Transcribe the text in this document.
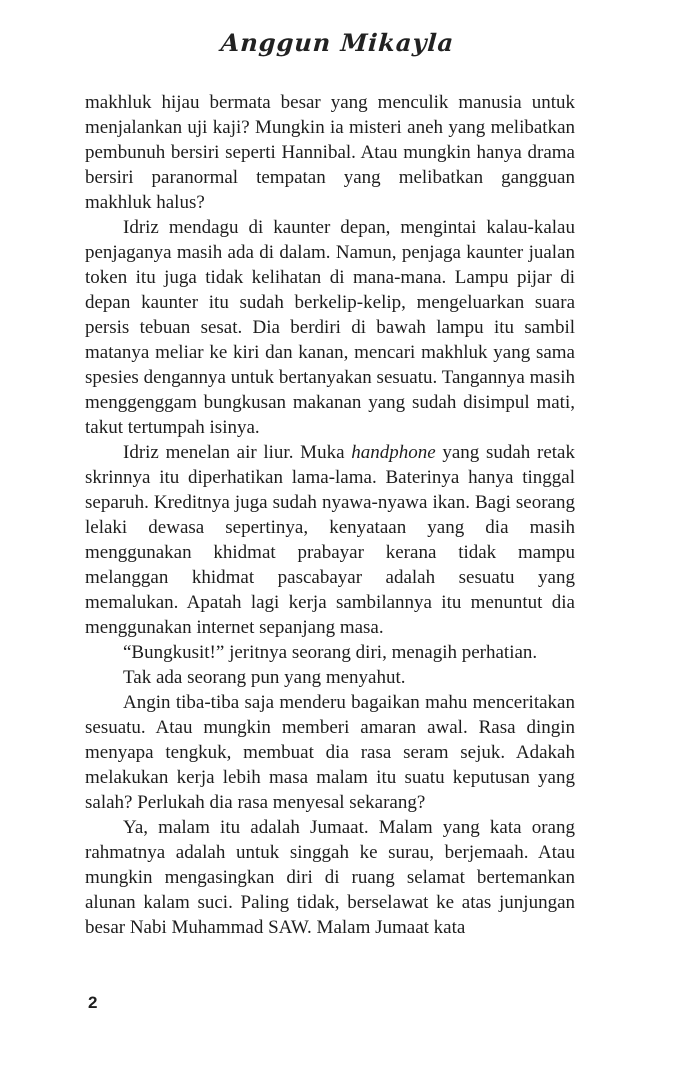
Anggun Mikayla

makhluk hijau bermata besar yang menculik manusia untuk menjalankan uji kaji? Mungkin ia misteri aneh yang melibatkan pembunuh bersiri seperti Hannibal. Atau mungkin hanya drama bersiri paranormal tempatan yang melibatkan gangguan makhluk halus?

Idriz mendagu di kaunter depan, mengintai kalau-kalau penjaganya masih ada di dalam. Namun, penjaga kaunter jualan token itu juga tidak kelihatan di mana-mana. Lampu pijar di depan kaunter itu sudah berkelip-kelip, mengeluarkan suara persis tebuan sesat. Dia berdiri di bawah lampu itu sambil matanya meliar ke kiri dan kanan, mencari makhluk yang sama spesies dengannya untuk bertanyakan sesuatu. Tangannya masih menggenggam bungkusan makanan yang sudah disimpul mati, takut tertumpah isinya.

Idriz menelan air liur. Muka handphone yang sudah retak skrinnya itu diperhatikan lama-lama. Baterinya hanya tinggal separuh. Kreditnya juga sudah nyawa-nyawa ikan. Bagi seorang lelaki dewasa sepertinya, kenyataan yang dia masih menggunakan khidmat prabayar kerana tidak mampu melanggan khidmat pascabayar adalah sesuatu yang memalukan. Apatah lagi kerja sambilannya itu menuntut dia menggunakan internet sepanjang masa.

“Bungkusit!” jeritnya seorang diri, menagih perhatian.

Tak ada seorang pun yang menyahut.

Angin tiba-tiba saja menderu bagaikan mahu menceritakan sesuatu. Atau mungkin memberi amaran awal. Rasa dingin menyapa tengkuk, membuat dia rasa seram sejuk. Adakah melakukan kerja lebih masa malam itu suatu keputusan yang salah? Perlukah dia rasa menyesal sekarang?

Ya, malam itu adalah Jumaat. Malam yang kata orang rahmatnya adalah untuk singgah ke surau, berjemaah. Atau mungkin mengasingkan diri di ruang selamat bertemankan alunan kalam suci. Paling tidak, berselawat ke atas junjungan besar Nabi Muhammad SAW. Malam Jumaat kata

2
